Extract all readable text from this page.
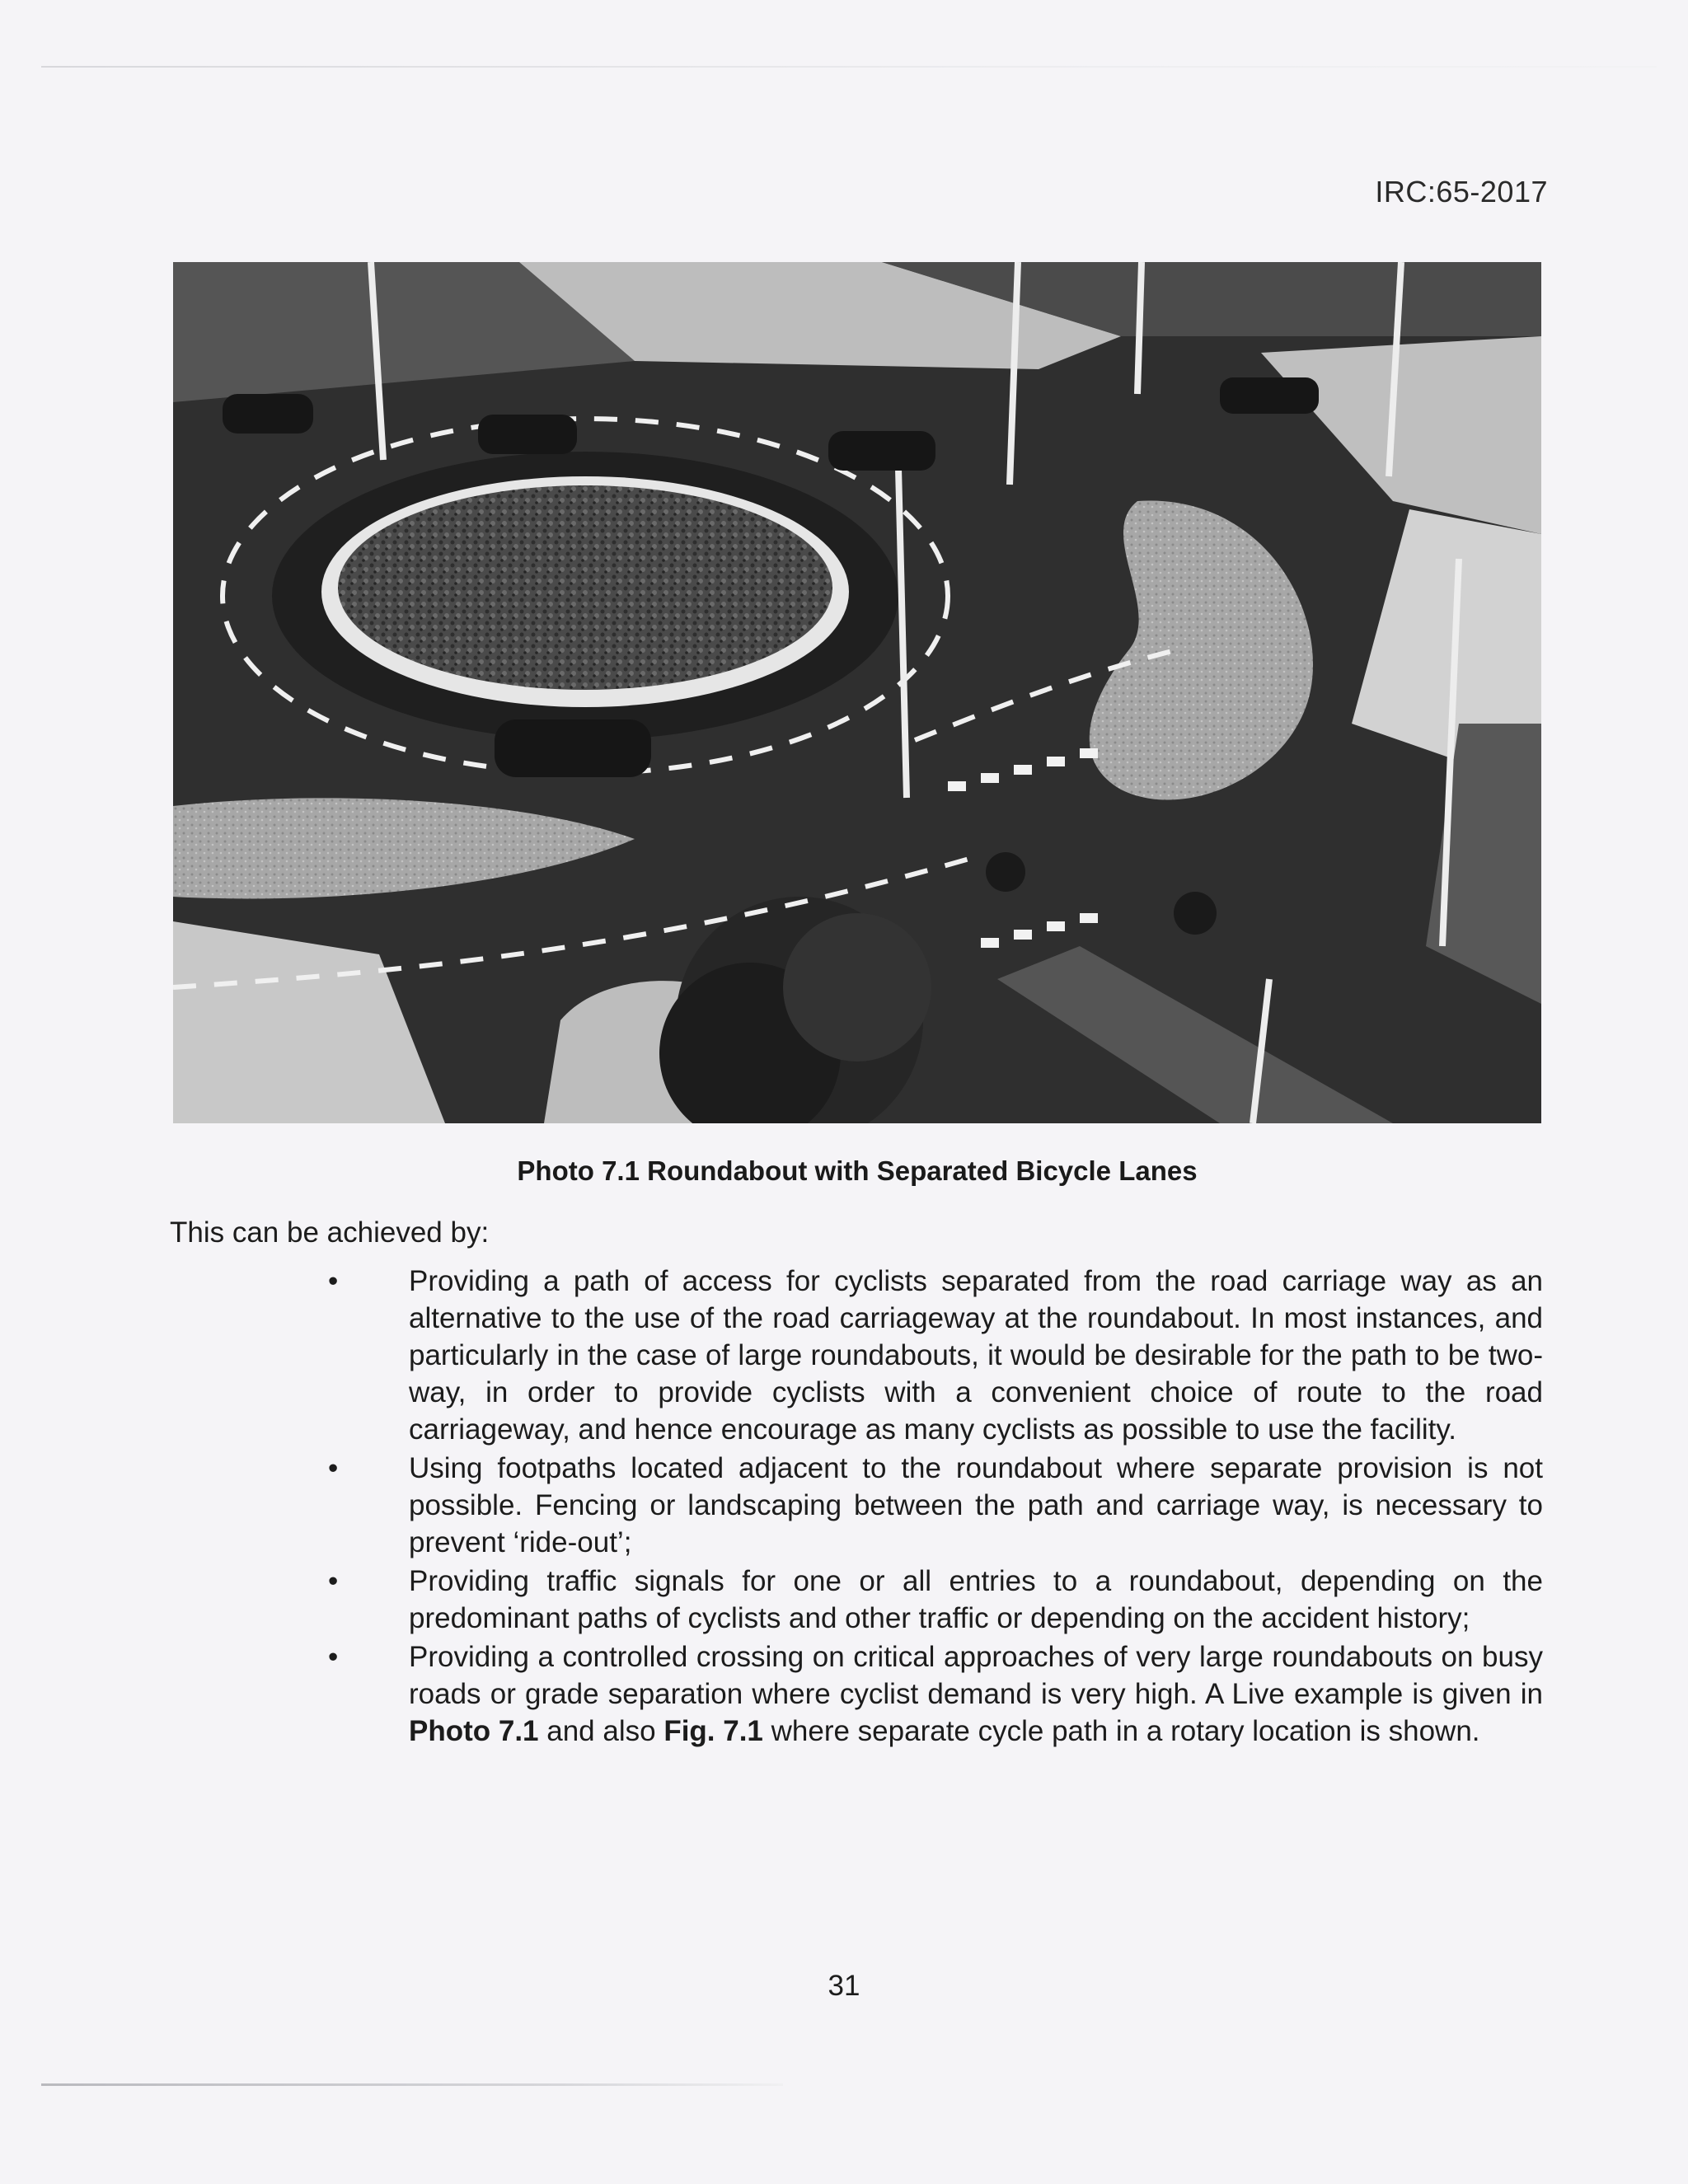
IRC:65-2017
Photo 7.1 Roundabout with Separated Bicycle Lanes
This can be achieved by:
• Providing a path of access for cyclists separated from the road carriage way as an alternative to the use of the road carriageway at the roundabout. In most instances, and particularly in the case of large roundabouts, it would be desirable for the path to be two-way, in order to provide cyclists with a convenient choice of route to the road carriageway, and hence encourage as many cyclists as possible to use the facility.
• Using footpaths located adjacent to the roundabout where separate provision is not possible. Fencing or landscaping between the path and carriage way, is necessary to prevent ‘ride-out’;
• Providing traffic signals for one or all entries to a roundabout, depending on the predominant paths of cyclists and other traffic or depending on the accident history;
• Providing a controlled crossing on critical approaches of very large roundabouts on busy roads or grade separation where cyclist demand is very high. A Live example is given in Photo 7.1 and also Fig. 7.1 where separate cycle path in a rotary location is shown.
31
